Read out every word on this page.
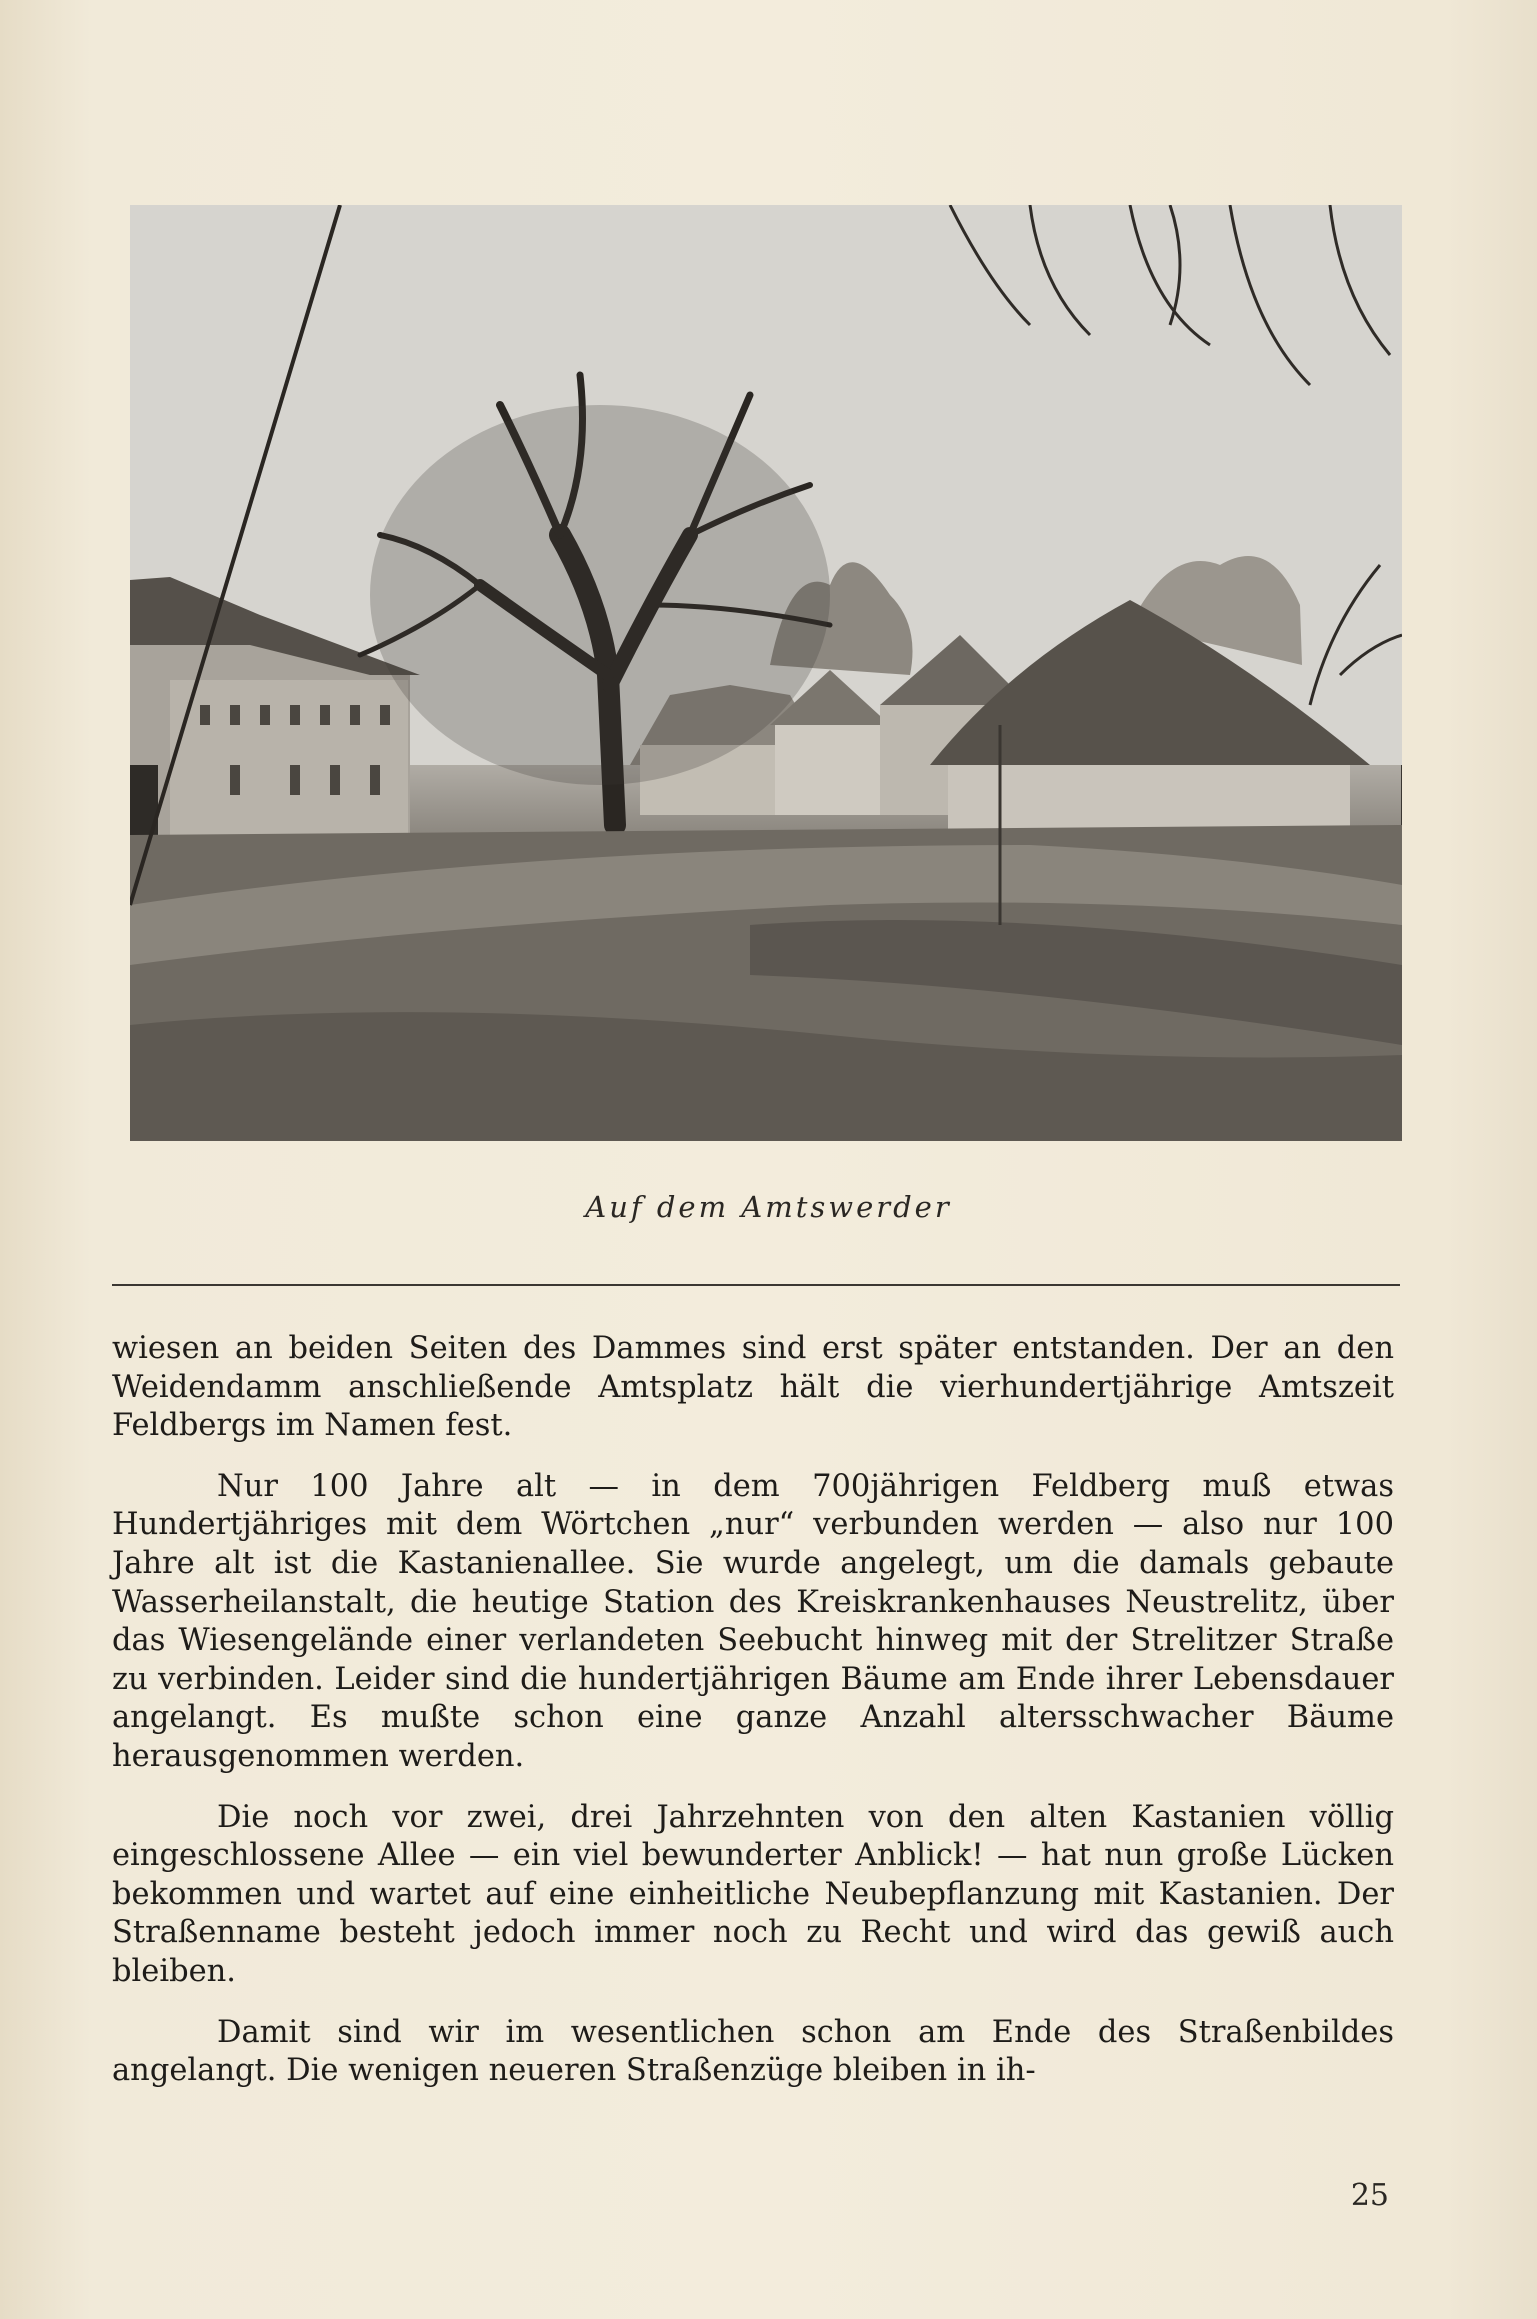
Auf dem Amtswerder

wiesen an beiden Seiten des Dammes sind erst später entstanden. Der an den Weidendamm anschließende Amtsplatz hält die vierhundertjährige Amtszeit Feldbergs im Namen fest.

Nur 100 Jahre alt — in dem 700jährigen Feldberg muß etwas Hundertjähriges mit dem Wörtchen „nur“ verbunden werden — also nur 100 Jahre alt ist die Kastanienallee. Sie wurde angelegt, um die damals gebaute Wasserheilanstalt, die heutige Station des Kreiskrankenhauses Neustrelitz, über das Wiesengelände einer verlandeten Seebucht hinweg mit der Strelitzer Straße zu verbinden. Leider sind die hundertjährigen Bäume am Ende ihrer Lebensdauer angelangt. Es mußte schon eine ganze Anzahl altersschwacher Bäume herausgenommen werden.

Die noch vor zwei, drei Jahrzehnten von den alten Kastanien völlig eingeschlossene Allee — ein viel bewunderter Anblick! — hat nun große Lücken bekommen und wartet auf eine einheitliche Neubepflanzung mit Kastanien. Der Straßenname besteht jedoch immer noch zu Recht und wird das gewiß auch bleiben.

Damit sind wir im wesentlichen schon am Ende des Straßenbildes angelangt. Die wenigen neueren Straßenzüge bleiben in ih-

25
